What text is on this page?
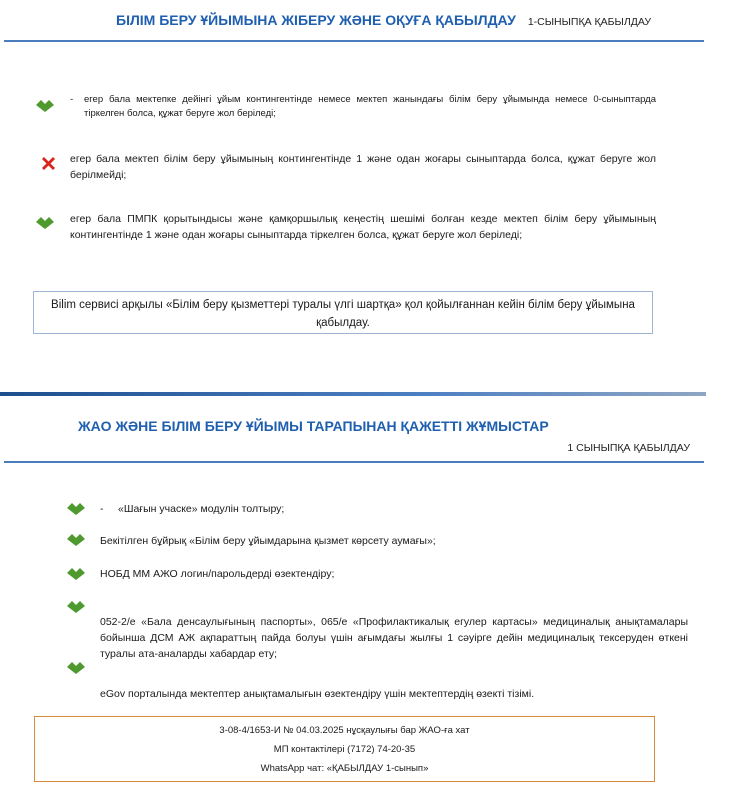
БІЛІМ БЕРУ ҰЙЫМЫНА ЖІБЕРУ ЖӘНЕ ОҚУҒА ҚАБЫЛДАУ 1-СЫНЫПҚА ҚАБЫЛДАУ
-	егер бала мектепке дейінгі ұйым контингентінде немесе мектеп жанындағы білім беру ұйымында немесе 0-сыныптарда тіркелген болса, құжат беруге жол беріледі;
егер бала мектеп білім беру ұйымының контингентінде 1 және одан жоғары сыныптарда болса, құжат беруге жол берілмейді;
егер бала ПМПК қорытындысы және қамқоршылық кеңестің шешімі болған кезде мектеп білім беру ұйымының контингентінде 1 және одан жоғары сыныптарда тіркелген болса, құжат беруге жол беріледі;
Bilim сервисі арқылы «Білім беру қызметтері туралы үлгі шартқа» қол қойылғаннан кейін білім беру ұйымына қабылдау.
ЖАО ЖӘНЕ БІЛІМ БЕРУ ҰЙЫМЫ ТАРАПЫНАН ҚАЖЕТТІ ЖҰМЫСТАР
1 СЫНЫПҚА ҚАБЫЛДАУ
-	«Шағын учаске» модулін толтыру;
Бекітілген бұйрық «Білім беру ұйымдарына қызмет көрсету аумағы»;
НОБД ММ АЖО логин/парольдерді өзектендіру;
052-2/е «Бала денсаулығының паспорты», 065/е «Профилактикалық егулер картасы» медициналық анықтамалары бойынша ДСМ АЖ ақпараттың пайда болуы үшін ағымдағы жылғы 1 сәуірге дейін медициналық тексеруден өткені туралы ата-аналарды хабардар ету;
eGov порталында мектептер анықтамалығын өзектендіру үшін мектептердің өзекті тізімі.
3-08-4/1653-И № 04.03.2025 нұсқаулығы бар ЖАО-ға хат
МП контактілері (7172) 74-20-35
WhatsApp чат: «ҚАБЫЛДАУ 1-сынып»
